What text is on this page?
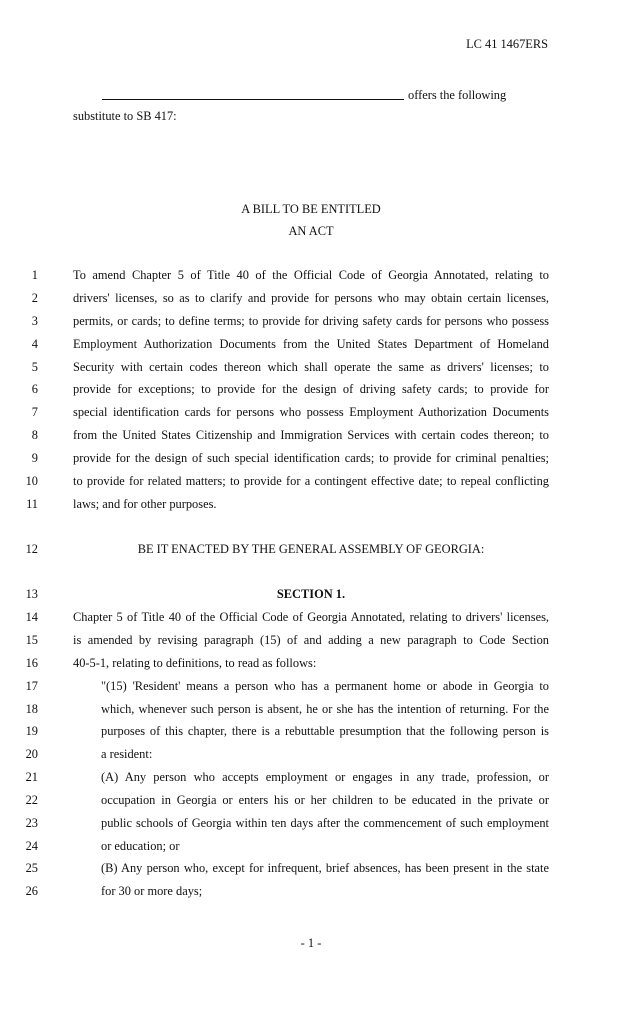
LC 41 1467ERS
offers the following
substitute to SB 417:
A BILL TO BE ENTITLED
AN ACT
1
2
3
4
5
6
7
8
9
10
11
12
13
14
15
16
17
18
19
20
21
22
23
24
25
26
To amend Chapter 5 of Title 40 of the Official Code of Georgia Annotated, relating to
drivers' licenses, so as to clarify and provide for persons who may obtain certain licenses,
permits, or cards; to define terms; to provide for driving safety cards for persons who possess
Employment Authorization Documents from the United States Department of Homeland
Security with certain codes thereon which shall operate the same as drivers' licenses; to
provide for exceptions; to provide for the design of driving safety cards; to provide for
special identification cards for persons who possess Employment Authorization Documents
from the United States Citizenship and Immigration Services with certain codes thereon; to
provide for the design of such special identification cards; to provide for criminal penalties;
to provide for related matters; to provide for a contingent effective date; to repeal conflicting
laws; and for other purposes.
BE IT ENACTED BY THE GENERAL ASSEMBLY OF GEORGIA:
SECTION 1.
Chapter 5 of Title 40 of the Official Code of Georgia Annotated, relating to drivers' licenses,
is amended by revising paragraph (15) of and adding a new paragraph to Code Section
40-5-1, relating to definitions, to read as follows:
"(15) 'Resident' means a person who has a permanent home or abode in Georgia to
which, whenever such person is absent, he or she has the intention of returning. For the
purposes of this chapter, there is a rebuttable presumption that the following person is
a resident:
(A) Any person who accepts employment or engages in any trade, profession, or
occupation in Georgia or enters his or her children to be educated in the private or
public schools of Georgia within ten days after the commencement of such employment
or education; or
(B) Any person who, except for infrequent, brief absences, has been present in the state
for 30 or more days;
- 1 -
